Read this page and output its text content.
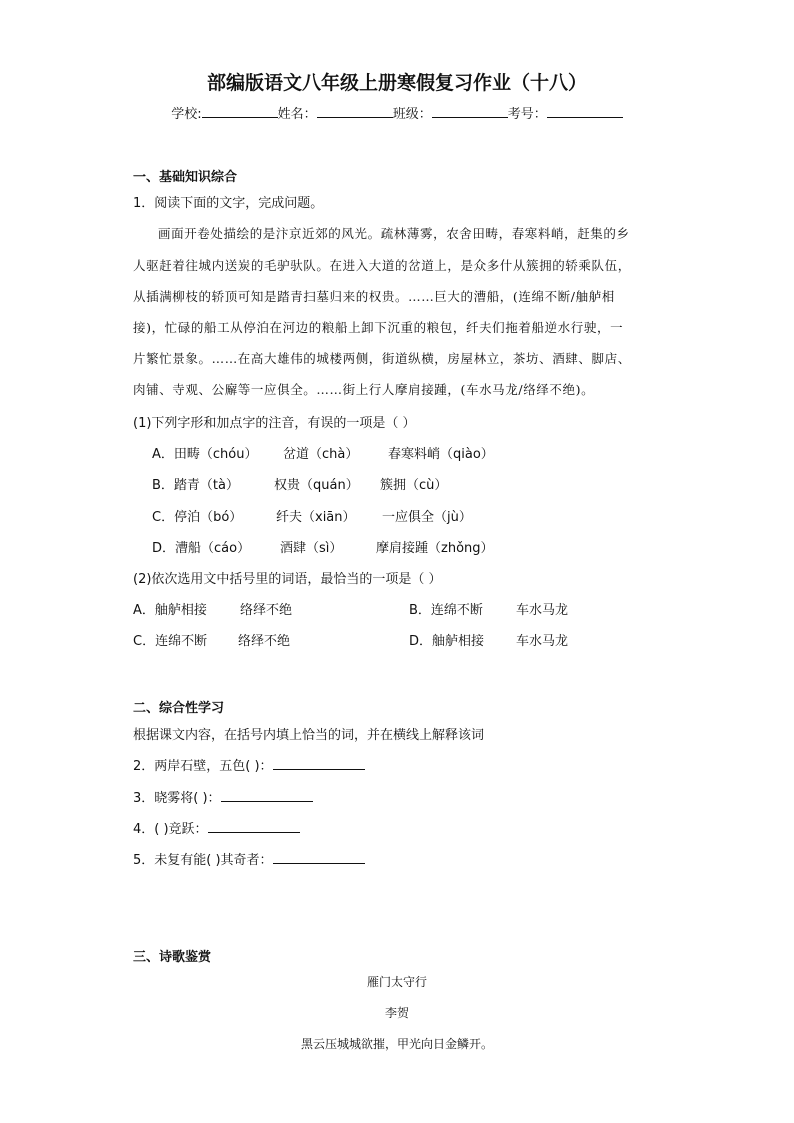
部编版语文八年级上册寒假复习作业（十八）
学校:	姓名：	班级：	考号：
一、基础知识综合
1．阅读下面的文字，完成问题。
画面开卷处描绘的是汴京近郊的风光。疏林薄雾，农舍田畴，春寒料峭，赶集的乡
人驱赶着往城内送炭的毛驴驮队。在进入大道的岔道上，是众多什从簇拥的轿乘队伍，
从插满柳枝的轿顶可知是踏青扫墓归来的权贵。……巨大的漕船，(连绵不断/舳舻相
接)，忙碌的船工从停泊在河边的粮船上卸下沉重的粮包，纤夫们拖着船逆水行驶，一
片繁忙景象。……在高大雄伟的城楼两侧，街道纵横，房屋林立，茶坊、酒肆、脚店、
肉铺、寺观、公廨等一应俱全。……街上行人摩肩接踵，(车水马龙/络绎不绝)。
(1)下列字形和加点字的注音，有误的一项是（ ）
A．田畴（chóu） 岔道（chà） 春寒料峭（qiào）
B．踏青（tà）	权贵（quán） 簇拥（cù）
C．停泊（bó）	纤夫（xiān） 一应俱全（jù）
D．漕船（cáo） 酒肆（sì）	摩肩接踵（zhǒng）
(2)依次选用文中括号里的词语，最恰当的一项是（ ）
A．舳舻相接	络绎不绝	B．连绵不断	车水马龙
C．连绵不断 络绎不绝	D．舳舻相接 车水马龙
二、综合性学习
根据课文内容，在括号内填上恰当的词，并在横线上解释该词
2．两岸石壁，五色( )：
3．晓雾将( )：
4．( )竞跃：
5．未复有能( )其奇者：
三、诗歌鉴赏
雁门太守行
李贺
黑云压城城欲摧，甲光向日金鳞开。
